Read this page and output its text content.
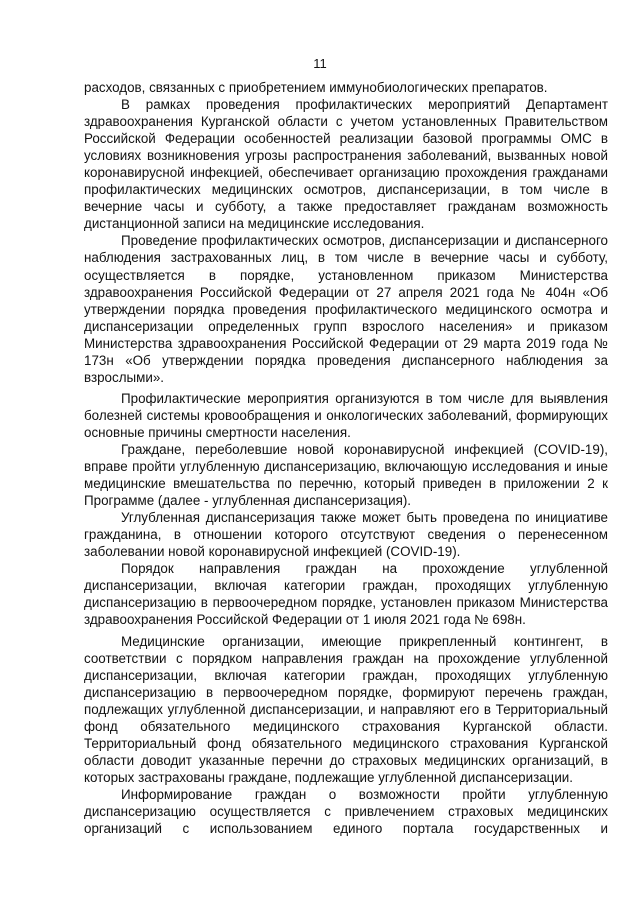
11

расходов, связанных с приобретением иммунобиологических препаратов.

В рамках проведения профилактических мероприятий Департамент здравоохранения Курганской области с учетом установленных Правительством Российской Федерации особенностей реализации базовой программы ОМС в условиях возникновения угрозы распространения заболеваний, вызванных новой коронавирусной инфекцией, обеспечивает организацию прохождения гражданами профилактических медицинских осмотров, диспансеризации, в том числе в вечерние часы и субботу, а также предоставляет гражданам возможность дистанционной записи на медицинские исследования.

Проведение профилактических осмотров, диспансеризации и диспансерного наблюдения застрахованных лиц, в том числе в вечерние часы и субботу, осуществляется в порядке, установленном приказом Министерства здравоохранения Российской Федерации от 27 апреля 2021 года № 404н «Об утверждении порядка проведения профилактического медицинского осмотра и диспансеризации определенных групп взрослого населения» и приказом Министерства здравоохранения Российской Федерации от 29 марта 2019 года № 173н «Об утверждении порядка проведения диспансерного наблюдения за взрослыми».

Профилактические мероприятия организуются в том числе для выявления болезней системы кровообращения и онкологических заболеваний, формирующих основные причины смертности населения.

Граждане, переболевшие новой коронавирусной инфекцией (COVID-19), вправе пройти углубленную диспансеризацию, включающую исследования и иные медицинские вмешательства по перечню, который приведен в приложении 2 к Программе (далее - углубленная диспансеризация).

Углубленная диспансеризация также может быть проведена по инициативе гражданина, в отношении которого отсутствуют сведения о перенесенном заболевании новой коронавирусной инфекцией (COVID-19).

Порядок направления граждан на прохождение углубленной диспансеризации, включая категории граждан, проходящих углубленную диспансеризацию в первоочередном порядке, установлен приказом Министерства здравоохранения Российской Федерации от 1 июля 2021 года № 698н.

Медицинские организации, имеющие прикрепленный контингент, в соответствии с порядком направления граждан на прохождение углубленной диспансеризации, включая категории граждан, проходящих углубленную диспансеризацию в первоочередном порядке, формируют перечень граждан, подлежащих углубленной диспансеризации, и направляют его в Территориальный фонд обязательного медицинского страхования Курганской области. Территориальный фонд обязательного медицинского страхования Курганской области доводит указанные перечни до страховых медицинских организаций, в которых застрахованы граждане, подлежащие углубленной диспансеризации.

Информирование граждан о возможности пройти углубленную диспансеризацию осуществляется с привлечением страховых медицинских организаций с использованием единого портала государственных и
